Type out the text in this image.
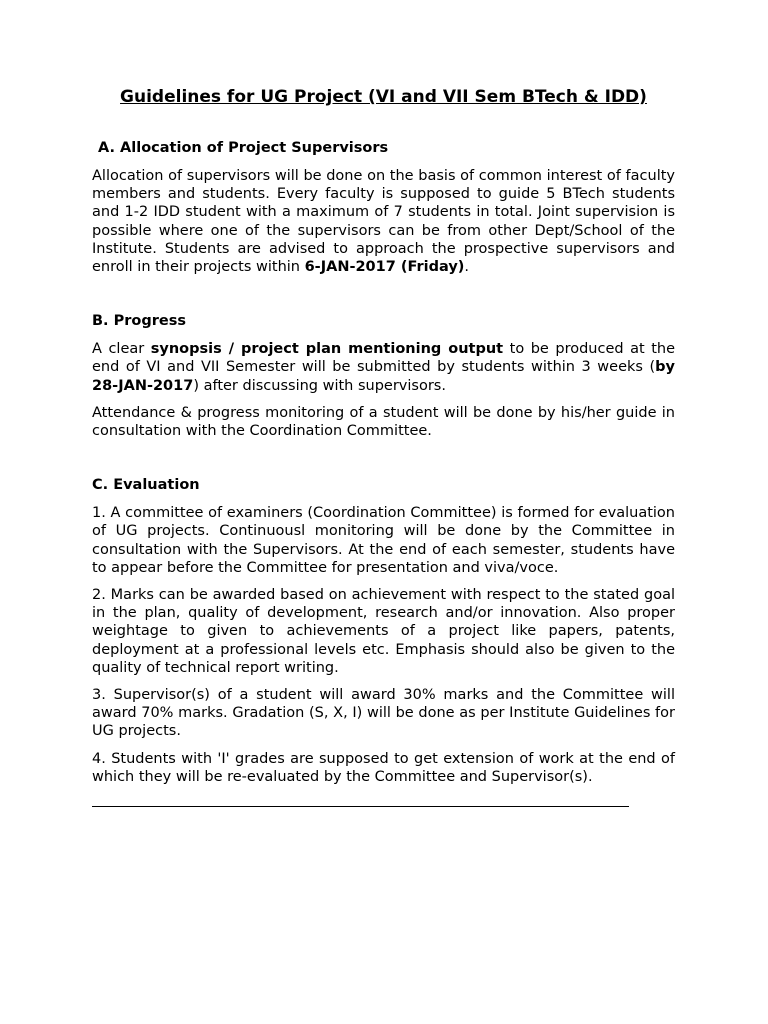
Guidelines for UG Project (VI and VII Sem BTech & IDD)
A. Allocation of Project Supervisors

Allocation of supervisors will be done on the basis of common interest of faculty members and students. Every faculty is supposed to guide 5 BTech students and 1-2 IDD student with a maximum of 7 students in total. Joint supervision is possible where one of the supervisors can be from other Dept/School of the Institute. Students are advised to approach the prospective supervisors and enroll in their projects within 6-JAN-2017 (Friday).

B. Progress

A clear synopsis / project plan mentioning output to be produced at the end of VI and VII Semester will be submitted by students within 3 weeks (by 28-JAN-2017) after discussing with supervisors.

Attendance & progress monitoring of a student will be done by his/her guide in consultation with the Coordination Committee.

C. Evaluation

1. A committee of examiners (Coordination Committee) is formed for evaluation of UG projects. Continuousl monitoring will be done by the Committee in consultation with the Supervisors. At the end of each semester, students have to appear before the Committee for presentation and viva/voce.

2. Marks can be awarded based on achievement with respect to the stated goal in the plan, quality of development, research and/or innovation. Also proper weightage to given to achievements of a project like papers, patents, deployment at a professional levels etc. Emphasis should also be given to the quality of technical report writing.

3. Supervisor(s) of a student will award 30% marks and the Committee will award 70% marks. Gradation (S, X, I) will be done as per Institute Guidelines for UG projects.

4. Students with 'I' grades are supposed to get extension of work at the end of which they will be re-evaluated by the Committee and Supervisor(s).
